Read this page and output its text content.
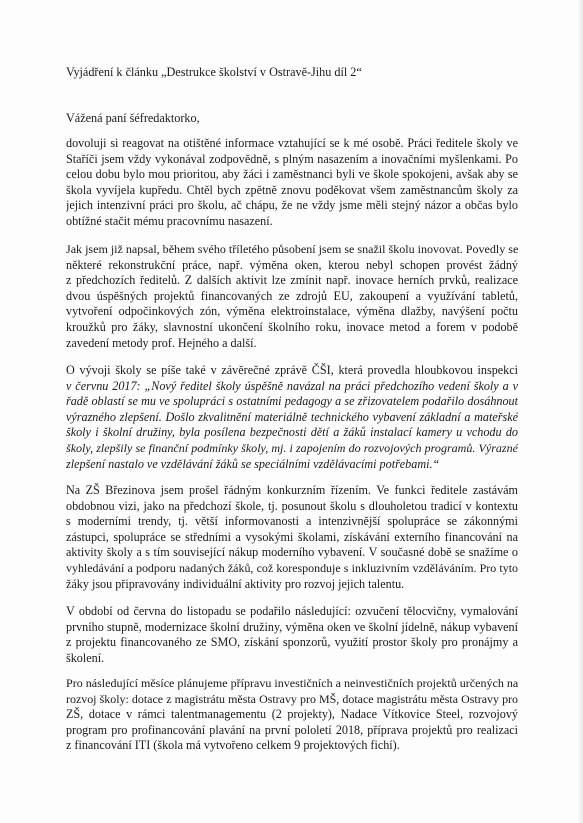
Vyjádření k článku „Destrukce školství v Ostravě-Jihu díl 2“
Vážená paní šéfredaktorko,
dovoluji si reagovat na otištěné informace vztahující se k mé osobě. Práci ředitele školy ve
Staříči jsem vždy vykonával zodpovědně, s plným nasazením a inovačními myšlenkami. Po
celou dobu bylo mou prioritou, aby žáci i zaměstnanci byli ve škole spokojeni, avšak aby se
škola vyvíjela kupředu. Chtěl bych zpětně znovu poděkovat všem zaměstnancům školy za
jejich intenzivní práci pro školu, ač chápu, že ne vždy jsme měli stejný názor a občas bylo
obtížné stačit mému pracovnímu nasazení.
Jak jsem již napsal, během svého tříletého působení jsem se snažil školu inovovat. Povedly se
některé rekonstrukční práce, např. výměna oken, kterou nebyl schopen provést žádný
z předchozích ředitelů. Z dalších aktivit lze zmínit např. inovace herních prvků, realizace
dvou úspěšných projektů financovaných ze zdrojů EU, zakoupení a využívání tabletů,
vytvoření odpočinkových zón, výměna elektroinstalace, výměna dlažby, navýšení počtu
kroužků pro žáky, slavnostní ukončení školního roku, inovace metod a forem v podobě
zavedení metody prof. Hejného a další.
O vývoji školy se píše také v závěrečné zprávě ČŠI, která provedla hloubkovou inspekci
v červnu 2017: „Nový ředitel školy úspěšně navázal na práci předchozího vedení školy a v
řadě oblastí se mu ve spolupráci s ostatními pedagogy a se zřizovatelem podařilo dosáhnout
výrazného zlepšení. Došlo zkvalitnění materiálně technického vybavení základní a mateřské
školy i školní družiny, byla posílena bezpečnosti dětí a žáků instalací kamery u vchodu do
školy, zlepšily se finanční podmínky školy, mj. i zapojením do rozvojových programů. Výrazné
zlepšení nastalo ve vzdělávání žáků se speciálními vzdělávacími potřebami.“
Na ZŠ Březinova jsem prošel řádným konkurzním řízením. Ve funkci ředitele zastávám
obdobnou vizi, jako na předchozí škole, tj. posunout školu s dlouholetou tradicí v kontextu
s moderními trendy, tj. větší informovanosti a intenzivnější spolupráce se zákonnými
zástupci, spolupráce se středními a vysokými školami, získávání externího financování na
aktivity školy a s tím související nákup moderního vybavení. V současné době se snažíme o
vyhledávání a podporu nadaných žáků, což koresponduje s inkluzivním vzděláváním. Pro tyto
žáky jsou připravovány individuální aktivity pro rozvoj jejich talentu.
V období od června do listopadu se podařilo následující: ozvučení tělocvičny, vymalování
prvního stupně, modernizace školní družiny, výměna oken ve školní jídelně, nákup vybavení
z projektu financovaného ze SMO, získání sponzorů, využití prostor školy pro pronájmy a
školení.
Pro následující měsíce plánujeme přípravu investičních a neinvestičních projektů určených na
rozvoj školy: dotace z magistrátu města Ostravy pro MŠ, dotace magistrátu města Ostravy pro
ZŠ, dotace v rámci talentmanagementu (2 projekty), Nadace Vítkovice Steel, rozvojový
program pro profinancování plavání na první pololetí 2018, příprava projektů pro realizaci
z financování ITI (škola má vytvořeno celkem 9 projektových fichí).
